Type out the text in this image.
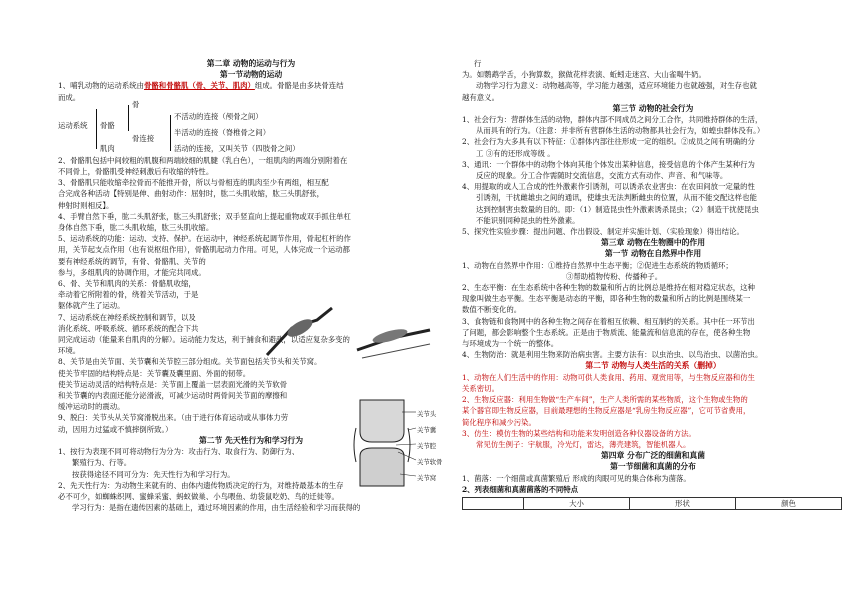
第二章 动物的运动与行为
第一节动物的运动
1、哺乳动物的运动系统由骨骼和骨骼肌（骨、关节、肌肉）组成。骨骼是由多块骨连结
而成。
运动系统 骨骼
骨
骨连接
肌肉
不活动的连接（颅骨之间）
半活动的连接（脊椎骨之间）
活动的连接，又叫关节（四肢骨之间）
2、骨骼肌包括中间较粗的肌腹和两端较细的肌腱（乳白色），一组肌肉的两端分别附着在
不同骨上，骨骼肌受神经刺激后有收缩的特性。
3、骨骼肌只能收缩牵拉骨而不能推开骨，所以与骨相连的肌肉至少有两组，相互配
合完成各种活动【特别是伸、曲射动作：屈射时，肱二头肌收缩，肱三头肌舒张，
伸射时则相反】。
4、手臂自然下垂，肱二头肌舒张，肱三头肌舒张；双手竖直向上提起重物或双手抓住单杠
身体自然下垂，肱二头肌收缩，肱三头肌收缩。
5、运动系统的功能：运动、支持、保护。在运动中，神经系统起调节作用，骨起杠杆的作
用，关节起支点作用（也有说枢纽作用），骨骼肌起动力作用。可见，人体完成一个运动都
要有神经系统的调节，有骨、骨骼肌、关节的
参与，多组肌肉的协调作用，才能完共同成。
6、骨、关节和肌肉的关系：骨骼肌收缩，
牵动着它所附着的骨，绕着关节活动，于是
躯体就产生了运动。
7、运动系统在神经系统控制和调节，以及
消化系统、呼吸系统、循环系统的配合下共
同完成运动（能量来自肌肉的分解）。运动能力发达，利于捕食和避敌，以适应复杂多变的
环境。
8、关节是由关节面、关节囊和关节腔三部分组成。关节面包括关节头和关节窝。
使关节牢固的结构特点是：关节囊及囊里面、外面的韧带。
使关节运动灵活的结构特点是：关节面上覆盖一层表面光滑的关节软骨
和关节囊的内表面还能分泌滑液，可减少运动时两骨间关节面的摩擦和
缓冲运动时的震动。
9、脱臼：关节头从关节窝滑脱出来。（由于进行体育运动或从事体力劳
动，因用力过猛或不慎摔倒所致。）
第二节 先天性行为和学习行为
1、按行为表现不同可将动物行为分为：攻击行为、取食行为、防御行为、
繁殖行为、行等。
按获得途径不同可分为：先天性行为和学习行为。
2、先天性行为：为动物生来就有的、由体内遗传物质决定的行为，对维持最基本的生存
必不可少，如蜘蛛织网、蜜蜂采蜜、蚂蚁做巢、小鸟喂鱼、幼袋鼠吃奶、鸟的迁徙等。
学习行为：是指在遗传因素的基础上，通过环境因素的作用，由生活经验和学习而获得的
关节头
关节囊
关节腔
关节软骨
关节窝
行
为。如鹦鹉学舌，小狗算数，猴做花样表演、蚯蚓走迷宫、大山雀喝牛奶。
动物学习行为意义：动物越高等，学习能力越强，适应环境能力也就越强，对生存也就
越有意义。
第三节 动物的社会行为
1、社会行为：营群体生活的动物，群体内部不同成员之间分工合作，共同维持群体的生活，
从而具有的行为。（注意：并非所有营群体生活的动物都具社会行为，如蝗虫群体没有。）
2、社会行为大多具有以下特征：①群体内部往往形成一定的组织。②成员之间有明确的分
工 ③有的还形成等级 。
3、通讯：一个群体中的动物个体向其他个体发出某种信息，接受信息的个体产生某种行为
反应的现象。分工合作需随时交流信息，交流方式有动作、声音、和气味等。
4、用提取的或人工合成的性外激素作引诱剂，可以诱杀农业害虫：在农田间放一定量的性
引诱剂，干扰雌雄虫之间的通讯，使雄虫无法判断雌虫的位置，从而不能交配这样也能
达到控制害虫数量的目的。即：（1）制造昆虫性外激素诱杀昆虫；（2）制造干扰使昆虫
不能识别同种昆虫的性外激素。
5、探究性实验步骤：提出问题、作出假设、制定并实施计划、（实验现象）得出结论。
第三章 动物在生物圈中的作用
第一节 动物在自然界中作用
1、动物在自然界中作用：①维持自然界中生态平衡；②促进生态系统的物质循环；
③帮助植物传粉、传播种子。
2、生态平衡：在生态系统中各种生物的数量和所占的比例总是维持在相对稳定状态，这种
现象叫做生态平衡。生态平衡是动态的平衡，即各种生物的数量和所占的比例是围绕某一
数值不断变化的。
3、食物链和食物网中的各种生物之间存在着相互依赖、相互制约的关系。其中任一环节出
了问题，都会影响整个生态系统。正是由于物质流、能量流和信息流的存在，使各种生物
与环境成为一个统一的整体。
4、生物防治：就是利用生物来防治病虫害。主要方法有：以虫治虫、以鸟治虫、以菌治虫。
第二节 动物与人类生活的关系（删掉）
1、动物在人们生活中的作用：动物可供人类食用、药用、观赏用等，与生物反应器和仿生
关系密切。
2、生物反应器：利用生物做“生产车间”，生产人类所需的某些物质，这个生物或生物的
某个器官即生物反应器，目前最理想的生物反应器是“乳房生物反应器”，它可节省费用，
简化程序和减少污染。
3、仿生：模仿生物的某些结构和功能来发明创造各种仪器设备的方法。
常见仿生例子：宇航服，冷光灯，雷达，薄壳建筑，智能机器人。
第四章 分布广泛的细菌和真菌
第一节细菌和真菌的分布
1、菌落：一个细菌或真菌繁殖后 形成的肉眼可见的集合体称为菌落。
2、列表细菌和真菌菌落的不同特点
	大小	形状	颜色
